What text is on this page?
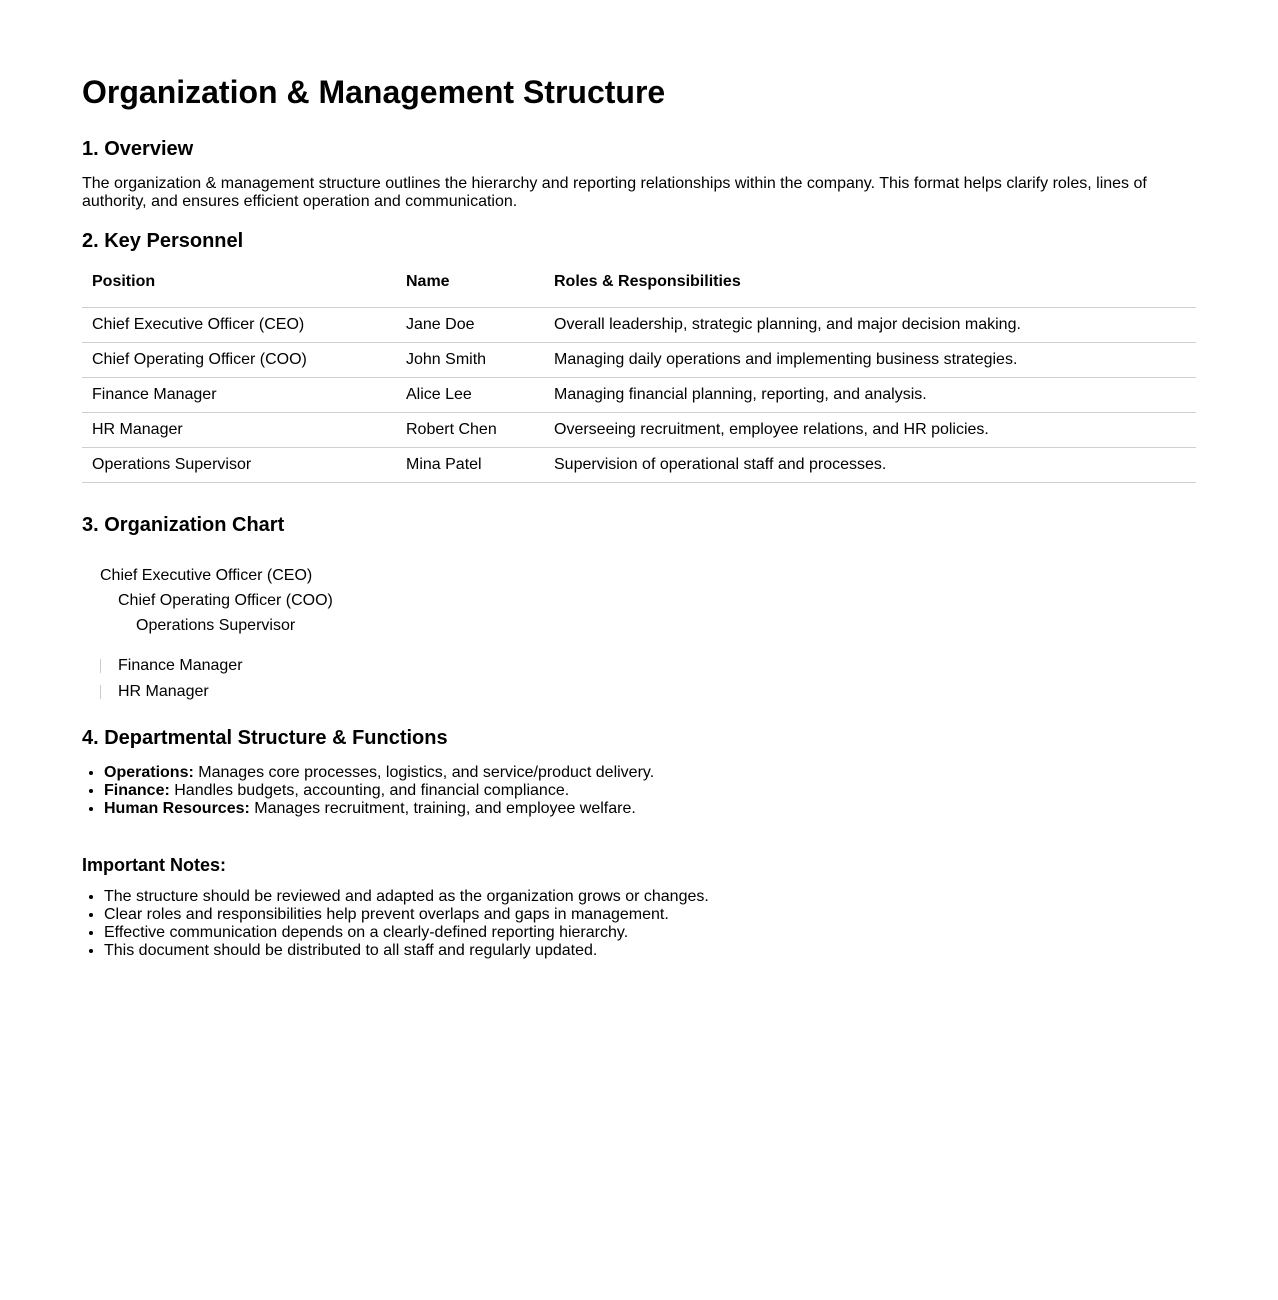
Organization & Management Structure
1. Overview

The organization & management structure outlines the hierarchy and reporting relationships within the company. This format helps clarify roles, lines of authority, and ensures efficient operation and communication.

2. Key Personnel
Position	Name	Roles & Responsibilities
Chief Executive Officer (CEO)	Jane Doe	Overall leadership, strategic planning, and major decision making.
Chief Operating Officer (COO)	John Smith	Managing daily operations and implementing business strategies.
Finance Manager	Alice Lee	Managing financial planning, reporting, and analysis.
HR Manager	Robert Chen	Overseeing recruitment, employee relations, and HR policies.
Operations Supervisor	Mina Patel	Supervision of operational staff and processes.
3. Organization Chart
Chief Executive Officer (CEO)
Chief Operating Officer (COO)
Operations Supervisor
Finance Manager
HR Manager
4. Departmental Structure & Functions
• Operations: Manages core processes, logistics, and service/product delivery.
• Finance: Handles budgets, accounting, and financial compliance.
• Human Resources: Manages recruitment, training, and employee welfare.
Important Notes:
• The structure should be reviewed and adapted as the organization grows or changes.
• Clear roles and responsibilities help prevent overlaps and gaps in management.
• Effective communication depends on a clearly-defined reporting hierarchy.
• This document should be distributed to all staff and regularly updated.
